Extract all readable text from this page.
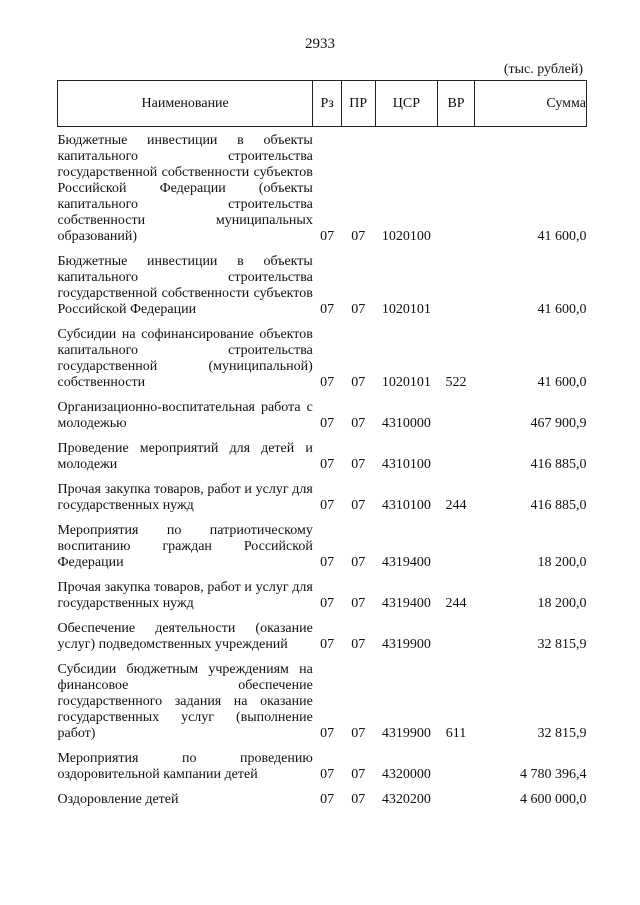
2933
(тыс. рублей)
Наименование	Рз	ПР	ЦСР	ВР	Сумма
Бюджетные инвестиции в объекты капитального строительства государственной собственности субъектов Российской Федерации (объекты капитального строительства собственности муниципальных образований)	07	07	1020100		41 600,0
Бюджетные инвестиции в объекты капитального строительства государственной собственности субъектов Российской Федерации	07	07	1020101		41 600,0
Субсидии на софинансирование объектов капитального строительства государственной (муниципальной) собственности	07	07	1020101	522	41 600,0
Организационно-воспитательная работа с молодежью	07	07	4310000		467 900,9
Проведение мероприятий для детей и молодежи	07	07	4310100		416 885,0
Прочая закупка товаров, работ и услуг для государственных нужд	07	07	4310100	244	416 885,0
Мероприятия по патриотическому воспитанию граждан Российской Федерации	07	07	4319400		18 200,0
Прочая закупка товаров, работ и услуг для государственных нужд	07	07	4319400	244	18 200,0
Обеспечение деятельности (оказание услуг) подведомственных учреждений	07	07	4319900		32 815,9
Субсидии бюджетным учреждениям на финансовое обеспечение государственного задания на оказание государственных услуг (выполнение работ)	07	07	4319900	611	32 815,9
Мероприятия по проведению оздоровительной кампании детей	07	07	4320000		4 780 396,4
Оздоровление детей	07	07	4320200		4 600 000,0
